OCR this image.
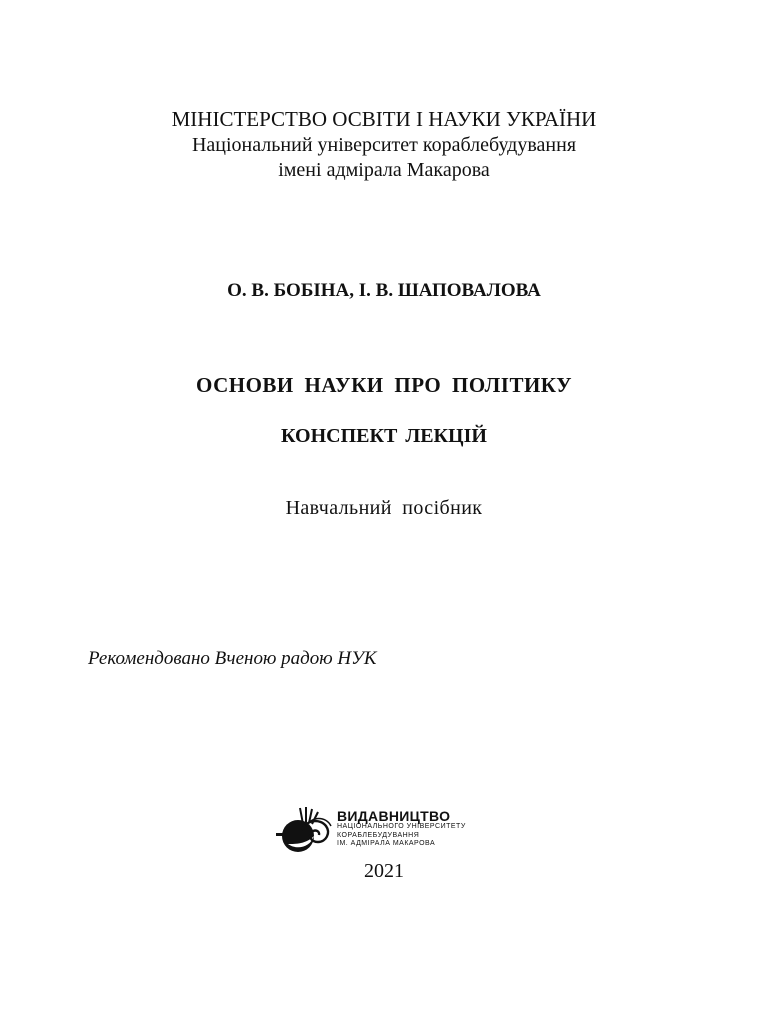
МІНІСТЕРСТВО ОСВІТИ І НАУКИ УКРАЇНИ
Національний університет кораблебудування
імені адмірала Макарова
О. В. БОБІНА, І. В. ШАПОВАЛОВА
ОСНОВИ НАУКИ ПРО ПОЛІТИКУ
КОНСПЕКТ ЛЕКЦІЙ
Навчальний посібник
Рекомендовано Вченою радою НУК
ВИДАВНИЦТВО
НАЦІОНАЛЬНОГО УНІВЕРСИТЕТУ
КОРАБЛЕБУДУВАННЯ
ІМ. АДМІРАЛА МАКАРОВА
2021
